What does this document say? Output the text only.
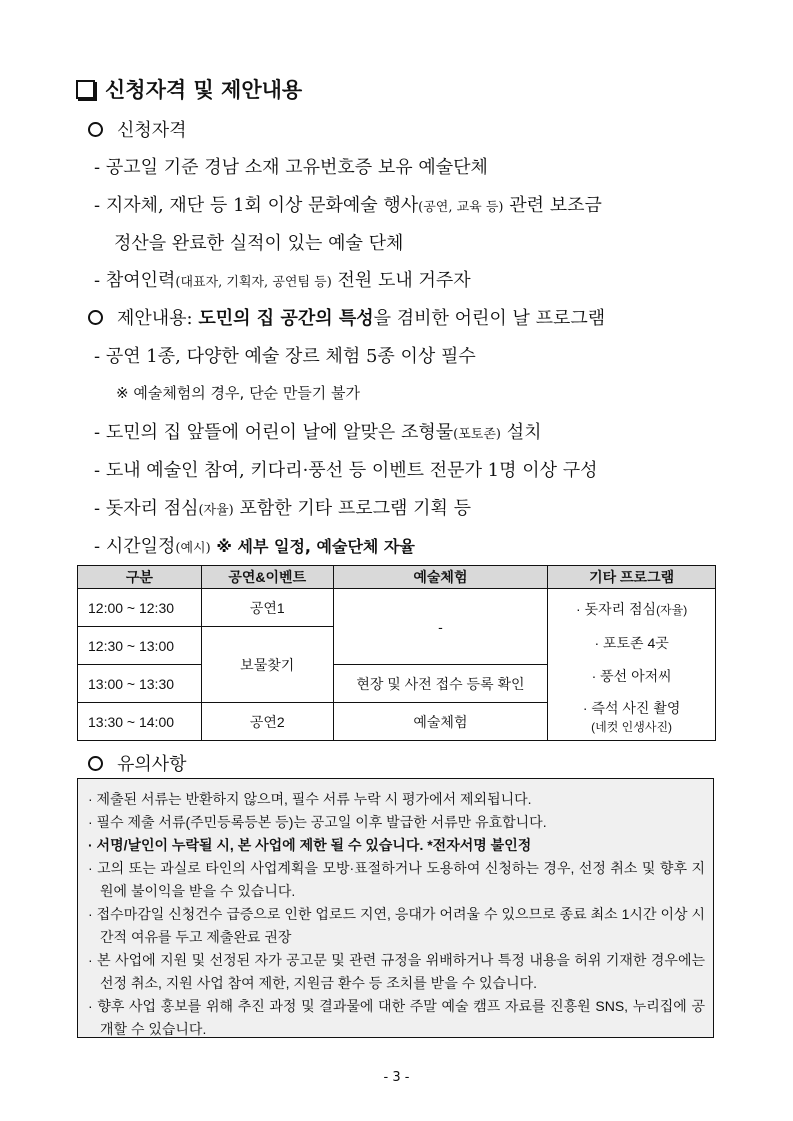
신청자격 및 제안내용
신청자격
- 공고일 기준 경남 소재 고유번호증 보유 예술단체
- 지자체, 재단 등 1회 이상 문화예술 행사(공연, 교육 등) 관련 보조금
정산을 완료한 실적이 있는 예술 단체
- 참여인력(대표자, 기획자, 공연팀 등) 전원 도내 거주자
제안내용: 도민의 집 공간의 특성을 겸비한 어린이 날 프로그램
- 공연 1종, 다양한 예술 장르 체험 5종 이상 필수
※ 예술체험의 경우, 단순 만들기 불가
- 도민의 집 앞뜰에 어린이 날에 알맞은 조형물(포토존) 설치
- 도내 예술인 참여, 키다리·풍선 등 이벤트 전문가 1명 이상 구성
- 돗자리 점심(자율) 포함한 기타 프로그램 기획 등
- 시간일정(예시) ※ 세부 일정, 예술단체 자율
구분	공연&이벤트	예술체험	기타 프로그램
12:00 ~ 12:30	공연1	-	· 돗자리 점심(자율)
· 포토존 4곳
· 풍선 아저씨
· 즉석 사진 촬영
(네컷 인생사진)

12:30 ~ 13:00	보물찾기		
13:00 ~ 13:30		현장 및 사전 접수 등록 확인	
13:30 ~ 14:00	공연2	예술체험	
유의사항
· 제출된 서류는 반환하지 않으며, 필수 서류 누락 시 평가에서 제외됩니다.
· 필수 제출 서류(주민등록등본 등)는 공고일 이후 발급한 서류만 유효합니다.
· 서명/날인이 누락될 시, 본 사업에 제한 될 수 있습니다. *전자서명 불인정
· 고의 또는 과실로 타인의 사업계획을 모방·표절하거나 도용하여 신청하는 경우, 선정 취소 및 향후 지원에 불이익을 받을 수 있습니다.
· 접수마감일 신청건수 급증으로 인한 업로드 지연, 응대가 어려울 수 있으므로 종료 최소 1시간 이상 시간적 여유를 두고 제출완료 권장
· 본 사업에 지원 및 선정된 자가 공고문 및 관련 규정을 위배하거나 특정 내용을 허위 기재한 경우에는 선정 취소, 지원 사업 참여 제한, 지원금 환수 등 조치를 받을 수 있습니다.
· 향후 사업 홍보를 위해 추진 과정 및 결과물에 대한 주말 예술 캠프 자료를 진흥원 SNS, 누리집에 공개할 수 있습니다.
- 3 -
